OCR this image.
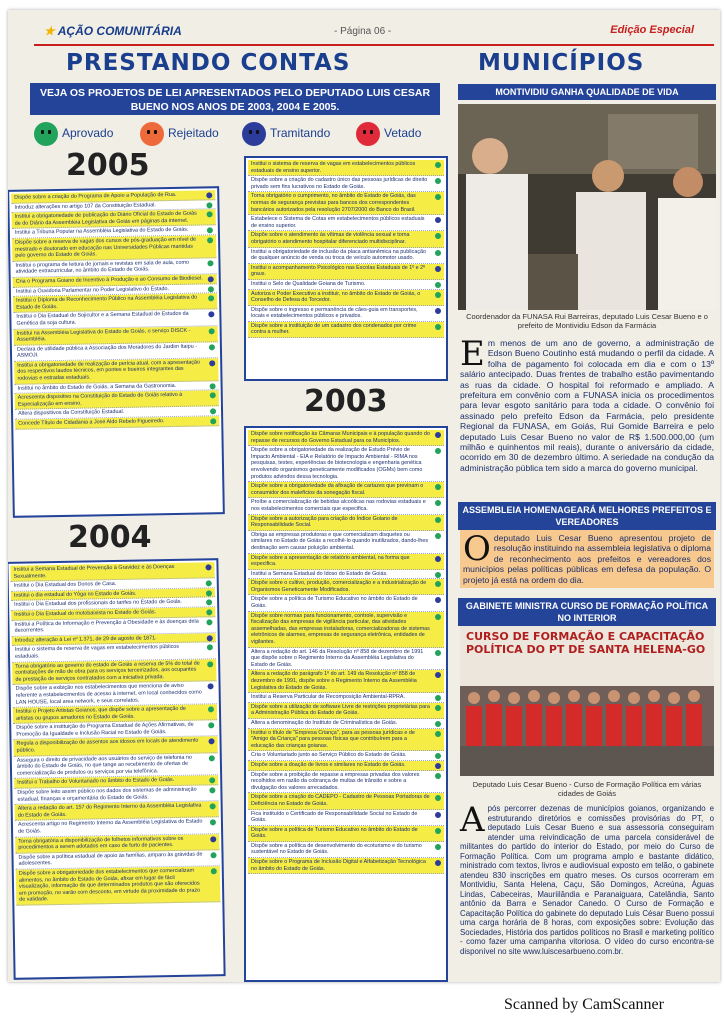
★ AÇÃO COMUNITÁRIA	- Página 06 -	Edição Especial
PRESTANDO CONTAS	MUNICÍPIOS
VEJA OS PROJETOS DE LEI APRESENTADOS PELO DEPUTADO LUIS CESAR BUENO NOS ANOS DE 2003, 2004 E 2005.
Aprovado	Rejeitado	Tramitando	Vetado
2005
Dispõe sobre a criação do Programa de Apoio a População de Rua.
Introduz alterações no artigo 107 da Constituição Estadual.
Institui a obrigatoriedade de publicação do Diário Oficial do Estado de Goiás de do Diário da Assembléia Legislativa de Goiás em páginas da internet.
Institui a Tribuna Popular na Assembléia Legislativa do Estado de Goiás.
Dispõe sobre a reserva de vagas dos cursos de pós-graduação em nível de mestrado e doutorado em educação nas Universidades Públicas mantidas pelo governo do Estado de Goiás.
Institui o programa de leitura de jornais e revistas em sala de aula, como atividade extracurricular, no âmbito do Estado de Goiás.
Cria o Programa Goiano de Incentivo à Produção e ao Consumo de Biodiesel.
Institui a Ouvidoria Parlamentar no Poder Legislativo do Estado.
Institui o Diploma de Reconhecimento Público na Assembléia Legislativa do Estado de Goiás.
Institui o Dia Estadual do Sojicultor e a Semana Estadual de Estudos da Genética da soja cultura.
Institui na Assembléia Legislativa do Estado de Goiás, o serviço DISCK - Assembléia.
Declara de utilidade pública a Associação dos Moradores do Jardim Itaipu - ASMOJI.
Institui a obrigatoriedade de realização de perícia atual, com a apresentação dos respectivos laudos técnicos, em pontes e bueiros integrantes das rodovias e estradas estaduais.
Institui no âmbito do Estado de Goiás, a Semana da Gastronomia.
Acrescenta dispositivo na Constituição do Estado de Goiás relativo à Especialização em ensino.
Altera dispositivos da Constituição Estadual.
Concede Título de Cidadania a José Aldo Rebelo Figueiredo.
2004
Institui a Semana Estadual de Prevenção à Gravidez e às Doenças Sexualmente.
Institui o Dia Estadual dos Donos de Casa.
Institui o dia estadual do Yôga no Estado de Goiás.
Institui o Dia Estadual dos profissionais do tarifes no Estado de Goiás.
Institui o Dia Estadual do motobaixista no Estado de Goiás.
Institui a Política de Informação e Prevenção à Obesidade e às doenças dela decorrentes.
Introduz alteração à Lei nº 1.371, de 29 de agosto de 1871.
Institui o sistema de reserva de vagas em estabelecimentos públicos estaduais.
Torna obrigatório ao governo do estado de Goiás a reserva de 5% do total de contratações de mão de obra para os serviços terceirizados, aos ocupantes de prestação de serviços contratados com a iniciativa privada.
Dispõe sobre a exibição nos estabelecimentos que menciona de aviso referente a estabelecimentos de acesso à internet, em local conhecidos como LAN HOUSE, local area network, e seus correlatos.
Institui o Projeto Artistas Goianos, que dispõe sobre a apresentação de artistas ou grupos amadores no Estado de Goiás.
Dispõe sobre a instituição do Programa Estadual de Ações Afirmativas, de Promoção da Igualdade e Inclusão Racial no Estado de Goiás.
Regula a disponibilização de assentos aos idosos em locais de atendimento público.
Assegura o direito de privacidade aos usuários do serviço de telefonia no âmbito do Estado de Goiás, no que tange ao recebimento de ofertas de comercialização de produtos ou serviços por via telefônica.
Institui o Trabalho do Voluntariado no âmbito do Estado de Goiás.
Dispõe sobre leito assim público nos dados dos sistemas de administração estadual, finanças e orçamentária do Estado de Goiás.
Altera a redação do art. 157 do Regimento Interno da Assembléia Legislativa do Estado de Goiás.
Acrescenta artigo no Regimento Interno da Assembléia Legislativa do Estado de Goiás.
Torna obrigatória a disponibilização de folhetos informativos sobre os procedimentos a serem adotados em caso de furto de pacientes.
Dispõe sobre a política estadual de apoio às famílias, amparo às grávidas de adolescentes.
Dispõe sobre a obrigatoriedade dos estabelecimentos que comercializam alimentos, no âmbito do Estado de Goiás, afixar em lugar de fácil visualização, informação de que determinados produtos que são oferecidos em promoção, no varão com desconto, em virtude da proximidade do prazo de validade.
Institui o sistema de reserva de vagas em estabelecimentos públicos estaduais de ensino superior.
Dispõe sobre a criação do cadastro único das pessoas jurídicas de direito privado sem fins lucrativos no Estado de Goiás.
Torna obrigatório o cumprimento, no âmbito do Estado de Goiás, das normas de segurança previstas para bancos dos correspondentes bancários autorizados pela resolução 2707/2000 do Banco do Brasil.
Estabelece o Sistema de Cotas em estabelecimentos públicos estaduais de ensino superior.
Dispõe sobre o atendimento às vítimas de violência sexual e torna obrigatório o atendimento hospitalar diferenciado multidisciplinar.
Institui a obrigatoriedade de inclusão da placa antianêmica na publicação de qualquer anúncio de venda ou troca de veículo automotor usado.
Institui o acompanhamento Psicológico nas Escolas Estaduais de 1º e 2º graus.
Institui o Selo de Qualidade Goiana de Turismo.
Autoriza o Poder Executivo a instituir, no âmbito do Estado de Goiás, o Conselho de Defesa do Torcedor.
Dispõe sobre o ingresso e permanência de cães-guia em transportes, locais e estabelecimentos públicos e privados.
Dispõe sobre a instituição de um cadastro dos condenados por crime contra a mulher.
2003
Dispõe sobre notificação às Câmaras Municipais e à população quando do repasse de recursos do Governo Estadual para os Municípios.
Dispõe sobre a obrigatoriedade da realização de Estudo Prévio de Impacto Ambiental - EIA e Relatório de Impacto Ambiental - RIMA nos pesquisas, testes, experiências de biotecnologia e engenharia genética envolvendo organismos geneticamente modificados (OGMs) bem como produtos advindos dessa tecnologia.
Dispõe sobre a obrigatoriedade da afixação de cartazes que previnam o consumidor dos malefícios da sonegação fiscal.
Proíbe a comercialização de bebidas alcoólicas nas rodovias estaduais e nos estabelecimentos comerciais que especifica.
Dispõe sobre a autorização para criação do Índice Goiano de Responsabilidade Social.
Obriga as empresas produtoras e que comercializam disquetes ou similares no Estado de Goiás a recolhê-lo quando inutilizados, dando-lhes destinação sem causar poluição ambiental.
Dispõe sobre a apresentação de relatório ambiental, na forma que especifica.
Institui a Semana Estadual do Idoso do Estado de Goiás.
Dispõe sobre o cultivo, produção, comercialização e a industrialização de Organismos Geneticamente Modificados.
Dispõe sobre a política de Turismo Educativo no âmbito do Estado de Goiás.
Dispõe sobre normas para funcionamento, controle, supervisão e fiscalização das empresas de vigilância particular, das atividades assemelhadas, das empresas instaladoras, comercializadoras de sistemas eletrônicos de alarmes, empresas de segurança eletrônica, entidades de vigilantes.
Altera a redação do art. 146 da Resolução nº 858 de dezembro de 1991 que dispõe sobre o Regimento Interno da Assembléia Legislativa do Estado de Goiás.
Altera a redação do parágrafo 1º do art. 149 da Resolução nº 858 de dezembro de 1991, dispõe sobre o Regimento Interno da Assembléia Legislativa do Estado de Goiás.
Institui a Reserva Particular de Recomposição Ambiental-RPRA.
Dispõe sobre a utilização de software Livre de restrições proprietárias para a Administração Pública do Estado de Goiás.
Altera a denominação do Instituto de Criminalística de Goiás.
Institui o título de "Empresa Criança", para as pessoas jurídicas e de "Amigo da Criança" para pessoas físicas que contribuírem para a educação das crianças goianas.
Cria o Voluntariado junto ao Serviço Público do Estado de Goiás.
Dispõe sobre a doação de livros e similares no Estado de Goiás.
Dispõe sobre a proibição de repasse a empresas privadas dos valores recolhidos em razão da cobrança de multas de trânsito e sobre a divulgação dos valores arrecadados.
Dispõe sobre a criação do CADEPO - Cadastro de Pessoas Portadoras de Deficiência no Estado de Goiás.
Fica instituído o Certificado de Responsabilidade Social no Estado de Goiás.
Dispõe sobre a política de Turismo Educativo no âmbito do Estado de Goiás.
Dispõe sobre a política de desenvolvimento do ecoturismo e do turismo sustentável no Estado de Goiás.
Dispõe sobre o Programa de Inclusão Digital e Alfabetização Tecnológica no âmbito do Estado de Goiás.
MONTIVIDIU GANHA QUALIDADE DE VIDA
Coordenador da FUNASA Rui Barreiras, deputado Luis Cesar Bueno e o prefeito de Montividiu Edson da Farmácia
Em menos de um ano de governo, a administração de Edson Bueno Coutinho está mudando o perfil da cidade. A folha de pagamento foi colocada em dia e com o 13º salário antecipado. Duas frentes de trabalho estão pavimentando as ruas da cidade. O hospital foi reformado e ampliado. A prefeitura em convênio com a FUNASA inicia os procedimentos para levar esgoto sanitário para toda a cidade. O convênio foi assinado pelo prefeito Edson da Farmácia, pelo presidente Regional da FUNASA, em Goiás, Rui Gomide Barreira e pelo deputado Luis Cesar Bueno no valor de R$ 1.500.000,00 (um milhão e quinhentos mil reais), durante o aniversário da cidade, ocorrido em 30 de dezembro último. A seriedade na condução da administração pública tem sido a marca do governo municipal.
ASSEMBLEIA HOMENAGEARÁ MELHORES PREFEITOS E VEREADORES
Odeputado Luis Cesar Bueno apresentou projeto de resolução instituindo na assembleia legislativa o diploma de reconhecimento aos prefeitos e vereadores dos municípios pelas políticas públicas em defesa da população. O projeto já está na ordem do dia.
GABINETE MINISTRA CURSO DE FORMAÇÃO POLÍTICA NO INTERIOR
CURSO DE FORMAÇÃO E CAPACITAÇÃO POLÍTICA DO PT DE SANTA HELENA-GO
Deputado Luis Cesar Bueno - Curso de Formação Política em várias cidades de Goiás
Após percorrer dezenas de municípios goianos, organizando e estruturando diretórios e comissões provisórias do PT, o deputado Luis Cesar Bueno e sua assessoria conseguiram atender uma reivindicação de uma parcela considerável de militantes do partido do interior do Estado, por meio do Curso de Formação Política. Com um programa amplo e bastante didático, ministrado com textos, livros e audiovisual exposto em telão, o gabinete atendeu 830 inscrições em quatro meses. Os cursos ocorreram em Montividiu, Santa Helena, Caçu, São Domingos, Acreúna, Águas Lindas, Cabeceiras, Mauriilândia e Paranaiguara, Catelândia, Santo antônio da Barra e Senador Canedo. O Curso de Formação e Capacitação Política do gabinete do deputado Luis César Bueno possui uma carga horária de 8 horas, com exposições sobre: Evolução das Sociedades, História dos partidos políticos no Brasil e marketing político - como fazer uma campanha vitoriosa. O vídeo do curso encontra-se disponível no site www.luiscesarbueno.com.br.
Scanned by CamScanner
